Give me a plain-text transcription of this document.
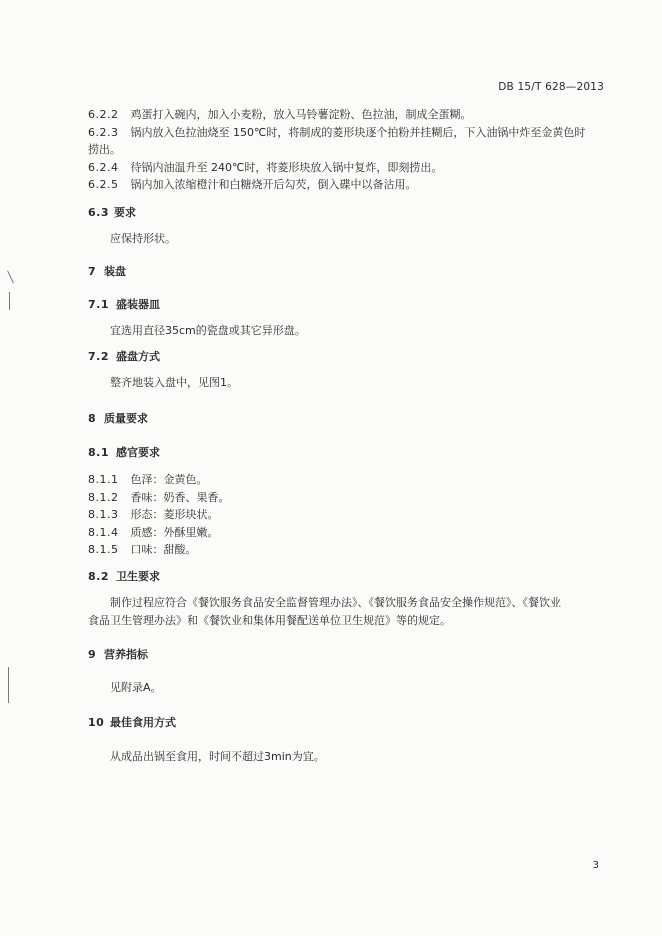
DB 15/T 628—2013
6.2.2 鸡蛋打入碗内，加入小麦粉，放入马铃薯淀粉、色拉油，制成全蛋糊。
6.2.3 锅内放入色拉油烧至 150℃时，将制成的菱形块逐个拍粉并挂糊后，下入油锅中炸至金黄色时
捞出。
6.2.4 待锅内油温升至 240℃时，将菱形块放入锅中复炸，即刻捞出。
6.2.5 锅内加入浓缩橙汁和白糖烧开后勾芡，倒入碟中以备沾用。
6.3 要求
应保持形状。
7 装盘
7.1 盛装器皿
宜选用直径35cm的瓷盘或其它异形盘。
7.2 盛盘方式
整齐地装入盘中，见图1。
8 质量要求
8.1 感官要求
8.1.1 色泽：金黄色。
8.1.2 香味：奶香、果香。
8.1.3 形态：菱形块状。
8.1.4 质感：外酥里嫩。
8.1.5 口味：甜酸。
8.2 卫生要求
制作过程应符合《餐饮服务食品安全监督管理办法》、《餐饮服务食品安全操作规范》、《餐饮业
食品卫生管理办法》和《餐饮业和集体用餐配送单位卫生规范》等的规定。
9 营养指标
见附录A。
10 最佳食用方式
从成品出锅至食用，时间不超过3min为宜。
3
